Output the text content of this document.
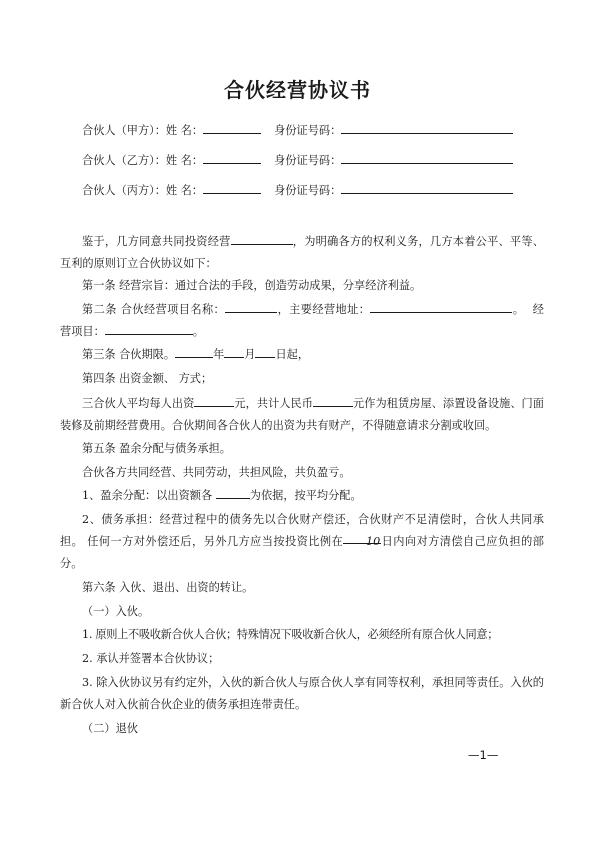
合伙经营协议书
合伙人（甲方）：姓 名：	身份证号码：
合伙人（乙方）：姓 名：	身份证号码：
合伙人（丙方）：姓 名：	身份证号码：
鉴于，几方同意共同投资经营	，为明确各方的权利义务，几方本着公平、平等、互利的原则订立合伙协议如下：
第一条 经营宗旨：通过合法的手段，创造劳动成果，分享经济利益。
第二条 合伙经营项目名称：	，主要经营地址：	。 经营项目：	。
第三条 合伙期限。	年 月 日起，
第四条 出资金额、 方式；
三合伙人平均每人出资	元，共计人民币	元作为租赁房屋、添置设备设施、门面装修及前期经营费用。合伙期间各合伙人的出资为共有财产，不得随意请求分割或收回。
第五条 盈余分配与债务承担。
合伙各方共同经营、共同劳动，共担风险，共负盈亏。
1、盈余分配：以出资额各	为依据，按平均分配。
2、债务承担：经营过程中的债务先以合伙财产偿还，合伙财产不足清偿时，合伙人共同承担。 任何一方对外偿还后，另外几方应当按投资比例在 10日内向对方清偿自己应负担的部分。
第六条 入伙、退出、出资的转让。
（一）入伙。
1. 原则上不吸收新合伙人合伙；特殊情况下吸收新合伙人，必须经所有原合伙人同意；
2. 承认并签署本合伙协议；
3. 除入伙协议另有约定外，入伙的新合伙人与原合伙人享有同等权利，承担同等责任。入伙的新合伙人对入伙前合伙企业的债务承担连带责任。
（二）退伙
—1—
